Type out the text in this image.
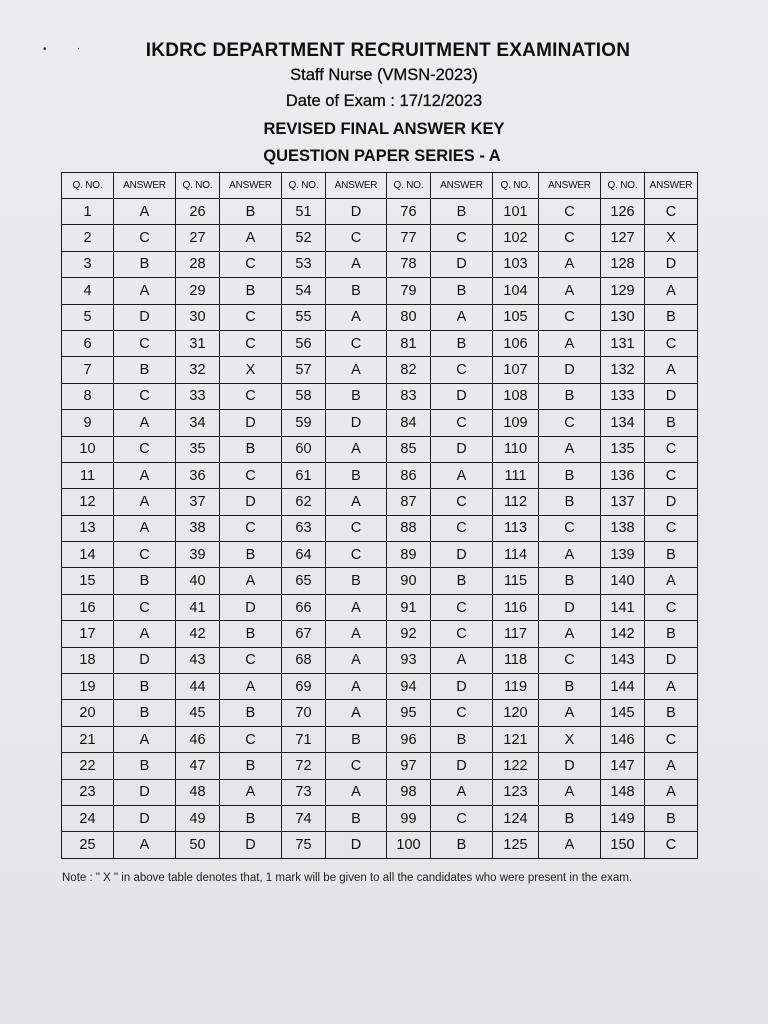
•	·	IKDRC DEPARTMENT RECRUITMENT EXAMINATION
Staff Nurse (VMSN-2023)
Date of Exam : 17/12/2023
REVISED FINAL ANSWER KEY
QUESTION PAPER SERIES - A
Q. NO.	ANSWER	Q. NO.	ANSWER	Q. NO.	ANSWER	Q. NO.	ANSWER	Q. NO.	ANSWER	Q. NO.	ANSWER
1	A	26	B	51	D	76	B	101	C	126	C
2	C	27	A	52	C	77	C	102	C	127	X
3	B	28	C	53	A	78	D	103	A	128	D
4	A	29	B	54	B	79	B	104	A	129	A
5	D	30	C	55	A	80	A	105	C	130	B
6	C	31	C	56	C	81	B	106	A	131	C
7	B	32	X	57	A	82	C	107	D	132	A
8	C	33	C	58	B	83	D	108	B	133	D
9	A	34	D	59	D	84	C	109	C	134	B
10	C	35	B	60	A	85	D	110	A	135	C
11	A	36	C	61	B	86	A	111	B	136	C
12	A	37	D	62	A	87	C	112	B	137	D
13	A	38	C	63	C	88	C	113	C	138	C
14	C	39	B	64	C	89	D	114	A	139	B
15	B	40	A	65	B	90	B	115	B	140	A
16	C	41	D	66	A	91	C	116	D	141	C
17	A	42	B	67	A	92	C	117	A	142	B
18	D	43	C	68	A	93	A	118	C	143	D
19	B	44	A	69	A	94	D	119	B	144	A
20	B	45	B	70	A	95	C	120	A	145	B
21	A	46	C	71	B	96	B	121	X	146	C
22	B	47	B	72	C	97	D	122	D	147	A
23	D	48	A	73	A	98	A	123	A	148	A
24	D	49	B	74	B	99	C	124	B	149	B
25	A	50	D	75	D	100	B	125	A	150	C
Note : " X " in above table denotes that, 1 mark will be given to all the candidates who were present in the exam.
